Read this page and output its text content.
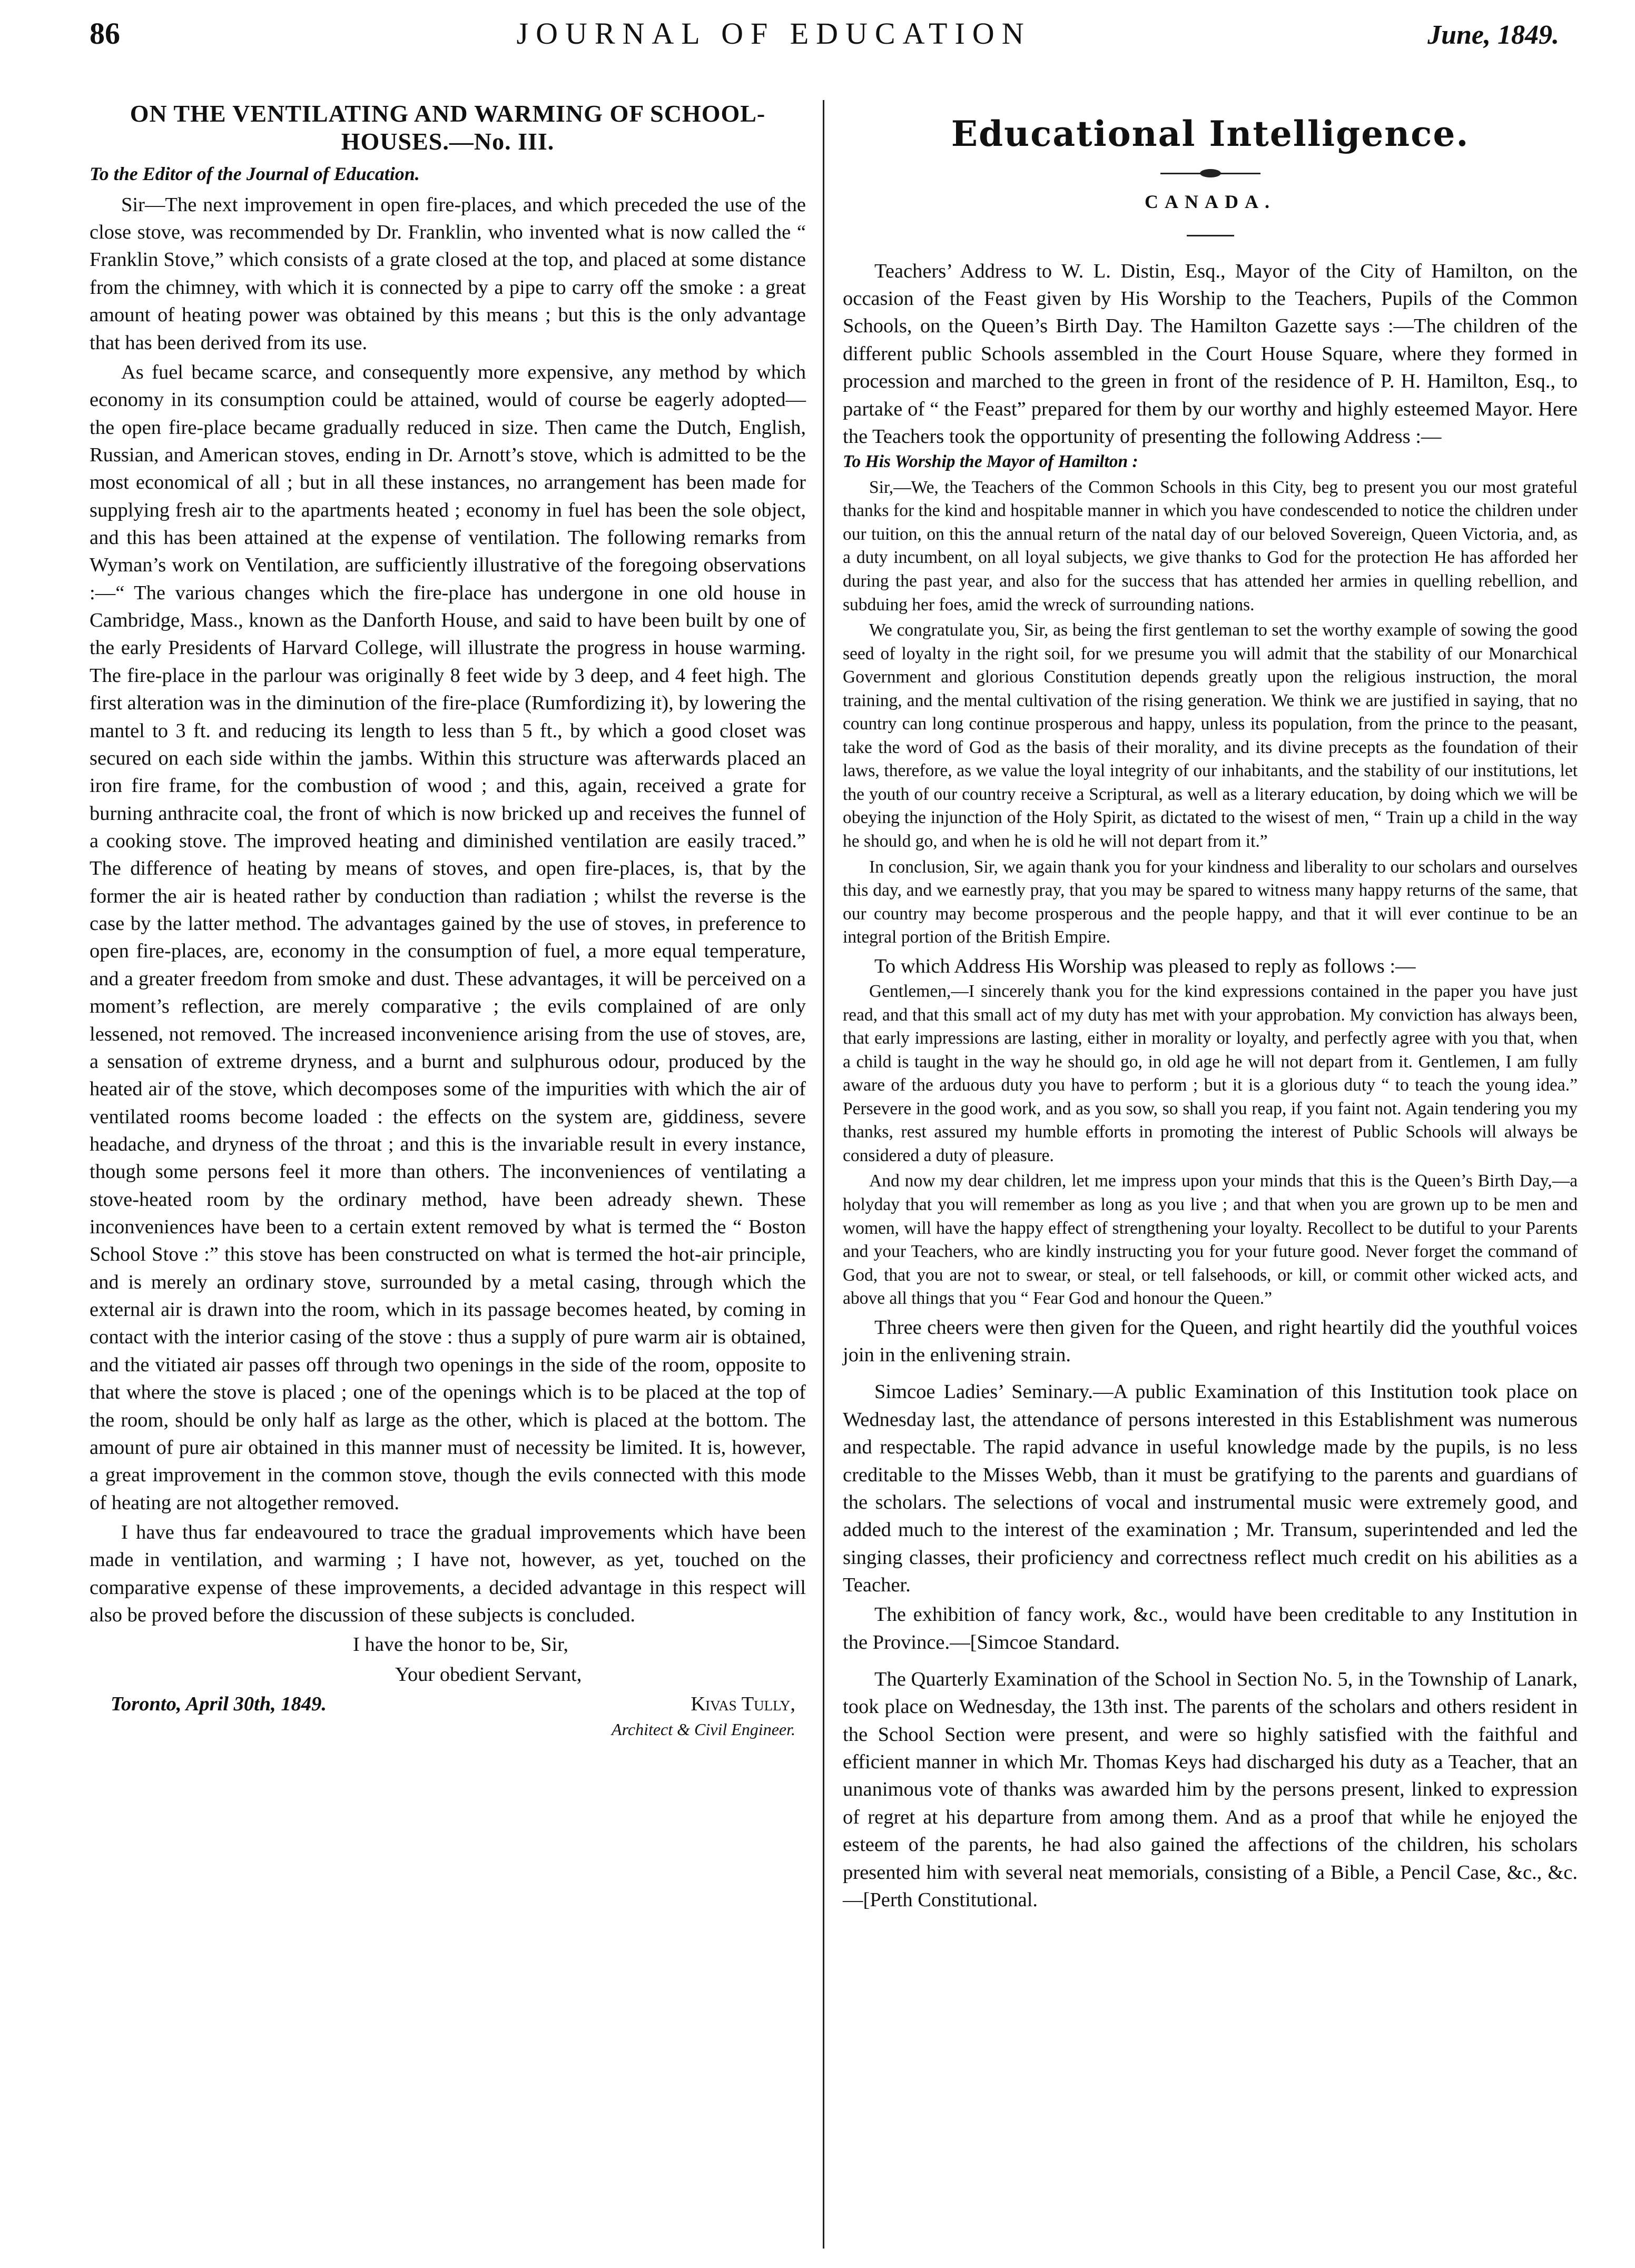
86	JOURNAL OF EDUCATION	June, 1849.
ON THE VENTILATING AND WARMING OF SCHOOL-HOUSES.—No. III.
To the Editor of the Journal of Education.

Sir—The next improvement in open fire-places, and which preceded the use of the close stove, was recommended by Dr. Franklin, who invented what is now called the “ Franklin Stove,” which consists of a grate closed at the top, and placed at some distance from the chimney, with which it is connected by a pipe to carry off the smoke : a great amount of heating power was obtained by this means ; but this is the only advantage that has been derived from its use.

As fuel became scarce, and consequently more expensive, any method by which economy in its consumption could be attained, would of course be eagerly adopted—the open fire-place became gradually reduced in size. Then came the Dutch, English, Russian, and American stoves, ending in Dr. Arnott’s stove, which is admitted to be the most economical of all ; but in all these instances, no arrangement has been made for supplying fresh air to the apartments heated ; economy in fuel has been the sole object, and this has been attained at the expense of ventilation. The following remarks from Wyman’s work on Ventilation, are sufficiently illustrative of the foregoing observations :—“ The various changes which the fire-place has undergone in one old house in Cambridge, Mass., known as the Danforth House, and said to have been built by one of the early Presidents of Harvard College, will illustrate the progress in house warming. The fire-place in the parlour was originally 8 feet wide by 3 deep, and 4 feet high. The first alteration was in the diminution of the fire-place (Rumfordizing it), by lowering the mantel to 3 ft. and reducing its length to less than 5 ft., by which a good closet was secured on each side within the jambs. Within this structure was afterwards placed an iron fire frame, for the combustion of wood ; and this, again, received a grate for burning anthracite coal, the front of which is now bricked up and receives the funnel of a cooking stove. The improved heating and diminished ventilation are easily traced.” The difference of heating by means of stoves, and open fire-places, is, that by the former the air is heated rather by conduction than radiation ; whilst the reverse is the case by the latter method. The advantages gained by the use of stoves, in preference to open fire-places, are, economy in the consumption of fuel, a more equal temperature, and a greater freedom from smoke and dust. These advantages, it will be perceived on a moment’s reflection, are merely comparative ; the evils complained of are only lessened, not removed. The increased inconvenience arising from the use of stoves, are, a sensation of extreme dryness, and a burnt and sulphurous odour, produced by the heated air of the stove, which decomposes some of the impurities with which the air of ventilated rooms become loaded : the effects on the system are, giddiness, severe headache, and dryness of the throat ; and this is the invariable result in every instance, though some persons feel it more than others. The inconveniences of ventilating a stove-heated room by the ordinary method, have been adready shewn. These inconveniences have been to a certain extent removed by what is termed the “ Boston School Stove :” this stove has been constructed on what is termed the hot-air principle, and is merely an ordinary stove, surrounded by a metal casing, through which the external air is drawn into the room, which in its passage becomes heated, by coming in contact with the interior casing of the stove : thus a supply of pure warm air is obtained, and the vitiated air passes off through two openings in the side of the room, opposite to that where the stove is placed ; one of the openings which is to be placed at the top of the room, should be only half as large as the other, which is placed at the bottom. The amount of pure air obtained in this manner must of necessity be limited. It is, however, a great improvement in the common stove, though the evils connected with this mode of heating are not altogether removed.

I have thus far endeavoured to trace the gradual improvements which have been made in ventilation, and warming ; I have not, however, as yet, touched on the comparative expense of these improvements, a decided advantage in this respect will also be proved before the discussion of these subjects is concluded.

I have the honor to be, Sir,

Your obedient Servant,

Toronto, April 30th, 1849.	Kivas Tully,
Architect & Civil Engineer.
Educational Intelligence.
CANADA.

Teachers’ Address to W. L. Distin, Esq., Mayor of the City of Hamilton, on the occasion of the Feast given by His Worship to the Teachers, Pupils of the Common Schools, on the Queen’s Birth Day. The Hamilton Gazette says :—The children of the different public Schools assembled in the Court House Square, where they formed in procession and marched to the green in front of the residence of P. H. Hamilton, Esq., to partake of “ the Feast” prepared for them by our worthy and highly esteemed Mayor. Here the Teachers took the opportunity of presenting the following Address :—

To His Worship the Mayor of Hamilton :

Sir,—We, the Teachers of the Common Schools in this City, beg to present you our most grateful thanks for the kind and hospitable manner in which you have condescended to notice the children under our tuition, on this the annual return of the natal day of our beloved Sovereign, Queen Victoria, and, as a duty incumbent, on all loyal subjects, we give thanks to God for the protection He has afforded her during the past year, and also for the success that has attended her armies in quelling rebellion, and subduing her foes, amid the wreck of surrounding nations.

We congratulate you, Sir, as being the first gentleman to set the worthy example of sowing the good seed of loyalty in the right soil, for we presume you will admit that the stability of our Monarchical Government and glorious Constitution depends greatly upon the religious instruction, the moral training, and the mental cultivation of the rising generation. We think we are justified in saying, that no country can long continue prosperous and happy, unless its population, from the prince to the peasant, take the word of God as the basis of their morality, and its divine precepts as the foundation of their laws, therefore, as we value the loyal integrity of our inhabitants, and the stability of our institutions, let the youth of our country receive a Scriptural, as well as a literary education, by doing which we will be obeying the injunction of the Holy Spirit, as dictated to the wisest of men, “ Train up a child in the way he should go, and when he is old he will not depart from it.”

In conclusion, Sir, we again thank you for your kindness and liberality to our scholars and ourselves this day, and we earnestly pray, that you may be spared to witness many happy returns of the same, that our country may become prosperous and the people happy, and that it will ever continue to be an integral portion of the British Empire.

To which Address His Worship was pleased to reply as follows :—

Gentlemen,—I sincerely thank you for the kind expressions contained in the paper you have just read, and that this small act of my duty has met with your approbation. My conviction has always been, that early impressions are lasting, either in morality or loyalty, and perfectly agree with you that, when a child is taught in the way he should go, in old age he will not depart from it. Gentlemen, I am fully aware of the arduous duty you have to perform ; but it is a glorious duty “ to teach the young idea.” Persevere in the good work, and as you sow, so shall you reap, if you faint not. Again tendering you my thanks, rest assured my humble efforts in promoting the interest of Public Schools will always be considered a duty of pleasure.

And now my dear children, let me impress upon your minds that this is the Queen’s Birth Day,—a holyday that you will remember as long as you live ; and that when you are grown up to be men and women, will have the happy effect of strengthening your loyalty. Recollect to be dutiful to your Parents and your Teachers, who are kindly instructing you for your future good. Never forget the command of God, that you are not to swear, or steal, or tell falsehoods, or kill, or commit other wicked acts, and above all things that you “ Fear God and honour the Queen.”

Three cheers were then given for the Queen, and right heartily did the youthful voices join in the enlivening strain.

Simcoe Ladies’ Seminary.—A public Examination of this Institution took place on Wednesday last, the attendance of persons interested in this Establishment was numerous and respectable. The rapid advance in useful knowledge made by the pupils, is no less creditable to the Misses Webb, than it must be gratifying to the parents and guardians of the scholars. The selections of vocal and instrumental music were extremely good, and added much to the interest of the examination ; Mr. Transum, superintended and led the singing classes, their proficiency and correctness reflect much credit on his abilities as a Teacher.

The exhibition of fancy work, &c., would have been creditable to any Institution in the Province.—[Simcoe Standard.

The Quarterly Examination of the School in Section No. 5, in the Township of Lanark, took place on Wednesday, the 13th inst. The parents of the scholars and others resident in the School Section were present, and were so highly satisfied with the faithful and efficient manner in which Mr. Thomas Keys had discharged his duty as a Teacher, that an unanimous vote of thanks was awarded him by the persons present, linked to expression of regret at his departure from among them. And as a proof that while he enjoyed the esteem of the parents, he had also gained the affections of the children, his scholars presented him with several neat memorials, consisting of a Bible, a Pencil Case, &c., &c.—[Perth Constitutional.
